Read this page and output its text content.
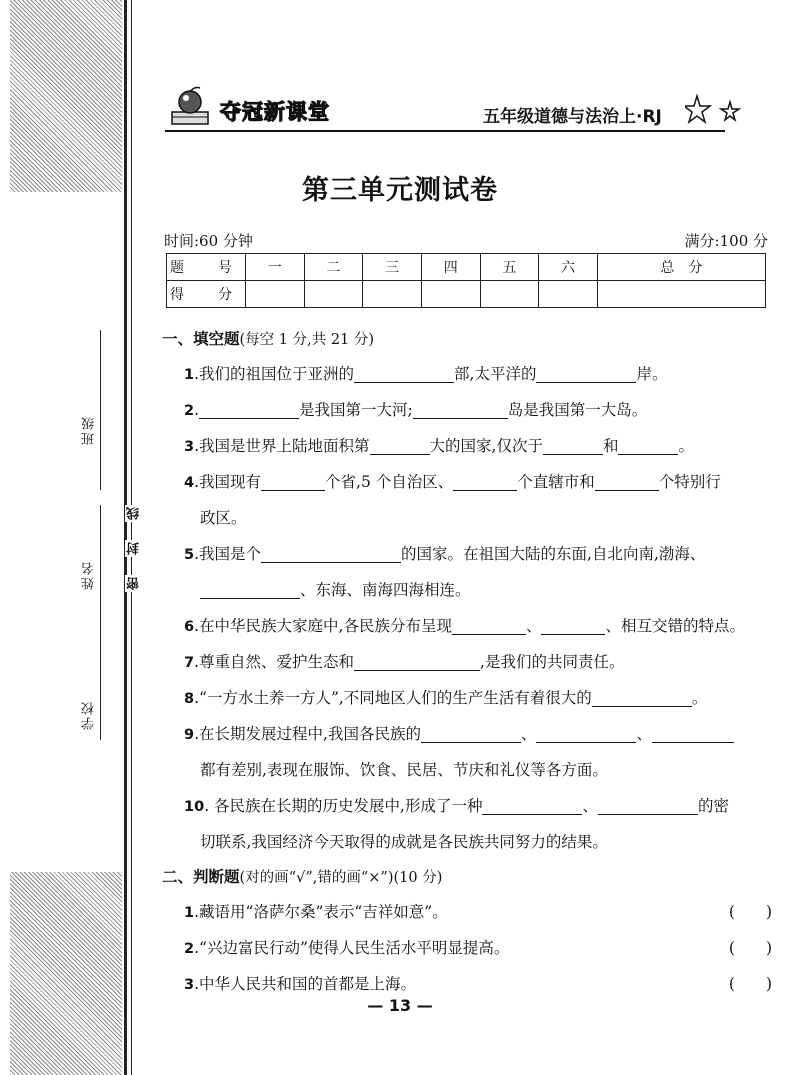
班级
姓名
学校
线
封
密
夺冠新课堂	五年级道德与法治上·RJ
第三单元测试卷
时间:60 分钟	满分:100 分
题　号	一	二	三	四	五	六	总　分
得　分							
一、填空题(每空 1 分,共 21 分)
1.我们的祖国位于亚洲的	部,太平洋的	岸。
2.	是我国第一大河;	岛是我国第一大岛。
3.我国是世界上陆地面积第	大的国家,仅次于	和	。
4.我国现有	个省,5 个自治区、	个直辖市和	个特别行
政区。
5.我国是个	的国家。在祖国大陆的东面,自北向南,渤海、
、东海、南海四海相连。
6.在中华民族大家庭中,各民族分布呈现	、	、相互交错的特点。
7.尊重自然、爱护生态和	,是我们的共同责任。
8.“一方水土养一方人”,不同地区人们的生产生活有着很大的	。
9.在长期发展过程中,我国各民族的	、	、
都有差别,表现在服饰、饮食、民居、节庆和礼仪等各方面。
10. 各民族在长期的历史发展中,形成了一种	、	的密
切联系,我国经济今天取得的成就是各民族共同努力的结果。
二、判断题(对的画“√”,错的画“×”)(10 分)
1.藏语用“洛萨尔桑”表示“吉祥如意”。	(　　)
2.“兴边富民行动”使得人民生活水平明显提高。	(　　)
3.中华人民共和国的首都是上海。	(　　)
— 13 —
